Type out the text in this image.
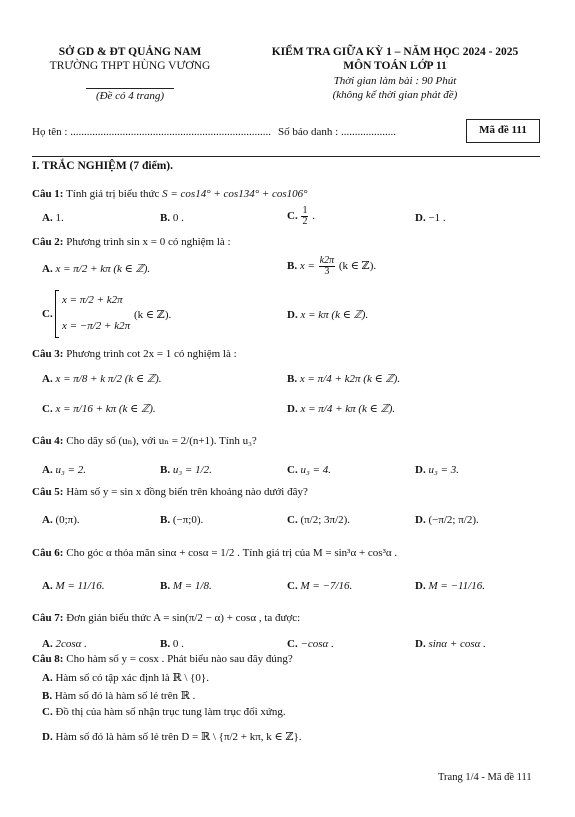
SỞ GD & ĐT QUẢNG NAM
TRƯỜNG THPT HÙNG VƯƠNG
(Đề có 4 trang)
KIỂM TRA GIỮA KỲ 1 – NĂM HỌC 2024 - 2025
MÔN TOÁN LỚP 11
Thời gian làm bài : 90 Phút
(không kể thời gian phát đề)
Họ tên : ......................................................................... Số báo danh : ....................	Mã đề 111
I. TRẮC NGHIỆM (7 điểm).
Câu 1: Tính giá trị biểu thức S = cos14° + cos134° + cos106°
A. 1.	B. 0 .	C. $\frac{1}{2}$ .	D. −1 .
Câu 2: Phương trình sin x = 0 có nghiệm là :
A. x = π/2 + kπ (k ∈ ℤ).	B. $x = \frac{k2\pi}{3} (k$ ∈ ℤ).
C.
x = π/2 + k2π
x = −π/2 + k2π
(k ∈ ℤ).	D. x = kπ (k ∈ ℤ).
Câu 3: Phương trình cot 2x = 1 có nghiệm là :
A. x = π/8 + k π/2 (k ∈ ℤ).	B. x = π/4 + k2π (k ∈ ℤ).
C. x = π/16 + kπ (k ∈ ℤ).	D. x = π/4 + kπ (k ∈ ℤ).
Câu 4: Cho dãy số (uₙ), với uₙ = 2/(n+1). Tính u₃?
A. u₃ = 2.	B. u₃ = 1/2.	C. u₃ = 4.	D. u₃ = 3.
Câu 5: Hàm số y = sin x đồng biến trên khoảng nào dưới đây?
A. (0;π).	B. (−π;0).	C. (π/2; 3π/2).	D. (−π/2; π/2).
Câu 6: Cho góc α thỏa mãn sinα + cosα = 1/2 . Tính giá trị của M = sin³α + cos³α .
A. M = 11/16.	B. M = 1/8.	C. M = −7/16.	D. M = −11/16.
Câu 7: Đơn giản biểu thức A = sin(π/2 − α) + cosα , ta được:
A. 2cosα .	B. 0 .	C. −cosα .	D. sinα + cosα .
Câu 8: Cho hàm số y = cosx . Phát biểu nào sau đây đúng?
A. Hàm số có tập xác định là ℝ \ {0}.
B. Hàm số đó là hàm số lẻ trên ℝ .
C. Đồ thị của hàm số nhận trục tung làm trục đối xứng.
D. Hàm số đó là hàm số lẻ trên D = ℝ \ {π/2 + kπ, k ∈ ℤ}.
Trang 1/4 - Mã đề 111
